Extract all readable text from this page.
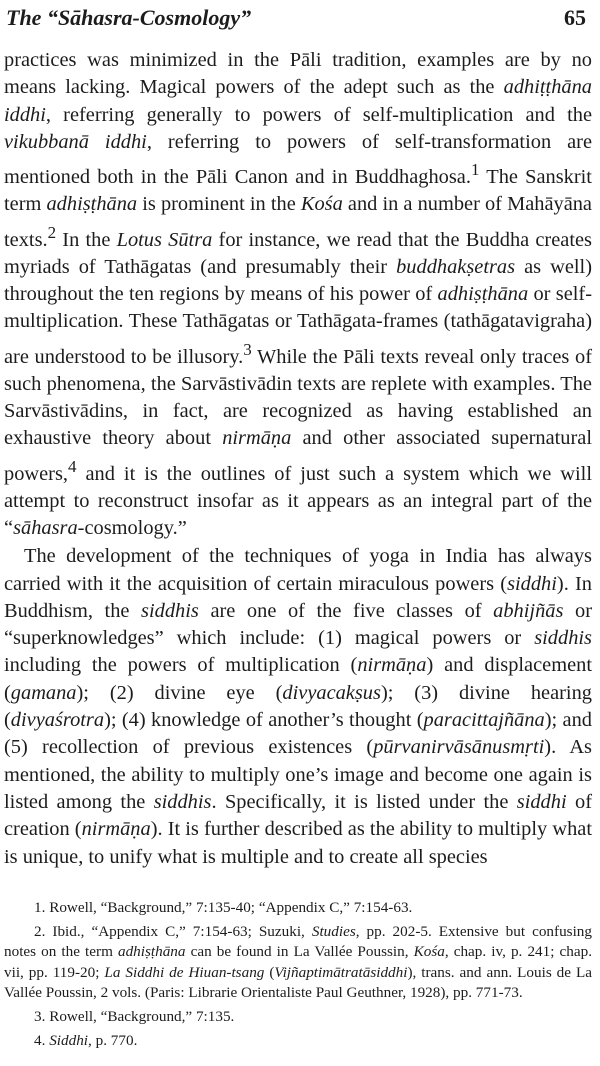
The “Sāhasra-Cosmology”	65

practices was minimized in the Pāli tradition, examples are by no means lacking. Magical powers of the adept such as the adhiṭṭhāna iddhi, referring generally to powers of self-multiplication and the vikubbanā iddhi, referring to powers of self-transformation are mentioned both in the Pāli Canon and in Buddhaghosa.$^1$ The Sanskrit term adhiṣṭhāna is prominent in the Kośa and in a number of Mahāyāna texts.$^2$ In the Lotus Sūtra for instance, we read that the Buddha creates myriads of Tathāgatas (and presumably their buddhakṣetras as well) throughout the ten regions by means of his power of adhiṣṭhāna or self-multiplication. These Tathāgatas or Tathāgata-frames (tathāgatavigraha) are understood to be illusory.$^3$ While the Pāli texts reveal only traces of such phenomena, the Sarvāstivādin texts are replete with examples. The Sarvāstivādins, in fact, are recognized as having established an exhaustive theory about nirmāṇa and other associated supernatural powers,$^4$ and it is the outlines of just such a system which we will attempt to reconstruct insofar as it appears as an integral part of the “sāhasra-cosmology.”

The development of the techniques of yoga in India has always carried with it the acquisition of certain miraculous powers (siddhi). In Buddhism, the siddhis are one of the five classes of abhijñās or “superknowledges” which include: (1) magical powers or siddhis including the powers of multiplication (nirmāṇa) and displacement (gamana); (2) divine eye (divyacakṣus); (3) divine hearing (divyaśrotra); (4) knowledge of another’s thought (paracittajñāna); and (5) recollection of previous existences (pūrvanirvāsānusmṛti). As mentioned, the ability to multiply one’s image and become one again is listed among the siddhis. Specifically, it is listed under the siddhi of creation (nirmāṇa). It is further described as the ability to multiply what is unique, to unify what is multiple and to create all species

1. Rowell, “Background,” 7:135-40; “Appendix C,” 7:154-63.

2. Ibid., “Appendix C,” 7:154-63; Suzuki, Studies, pp. 202-5. Extensive but confusing notes on the term adhiṣṭhāna can be found in La Vallée Poussin, Kośa, chap. iv, p. 241; chap. vii, pp. 119-20; La Siddhi de Hiuan-tsang (Vijñaptimātratāsiddhi), trans. and ann. Louis de La Vallée Poussin, 2 vols. (Paris: Librarie Orientaliste Paul Geuthner, 1928), pp. 771-73.

3. Rowell, “Background,” 7:135.

4. Siddhi, p. 770.
